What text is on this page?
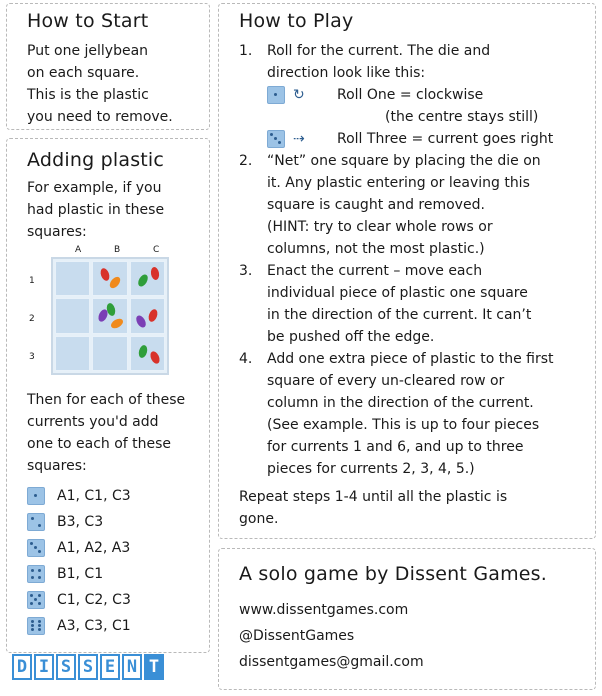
How to Start
Put one jellybean
on each square.
This is the plastic
you need to remove.
Adding plastic
For example, if you
had plastic in these
squares:
A	B	C
1
2
3
Then for each of these
currents you'd add
one to each of these
squares:
A1, C1, C3
B3, C3
A1, A2, A3
B1, C1
C1, C2, C3
A3, C3, C1
D I S S E N T
How to Play
1.	Roll for the current. The die and
direction look like this:
↻	Roll One = clockwise
(the centre stays still)
⇢	Roll Three = current goes right
2.	“Net” one square by placing the die on
it. Any plastic entering or leaving this
square is caught and removed.
(HINT: try to clear whole rows or
columns, not the most plastic.)
3.	Enact the current – move each
individual piece of plastic one square
in the direction of the current. It can’t
be pushed off the edge.
4.	Add one extra piece of plastic to the first
square of every un-cleared row or
column in the direction of the current.
(See example. This is up to four pieces
for currents 1 and 6, and up to three
pieces for currents 2, 3, 4, 5.)
Repeat steps 1-4 until all the plastic is
gone.
A solo game by Dissent Games.
www.dissentgames.com
@DissentGames
dissentgames@gmail.com
